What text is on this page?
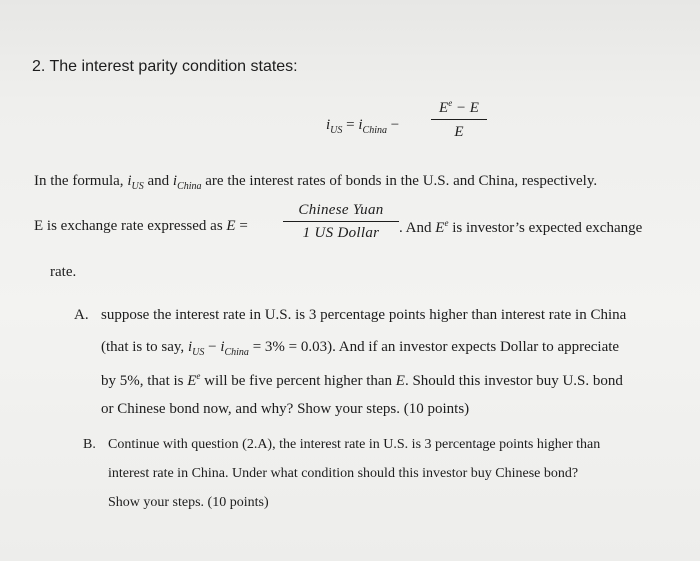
2. The interest parity condition states:
$i_{US} = i_{China}$ −
$E^e - E$
E
In the formula, $i_{US}$ and $i_{China}$ are the interest rates of bonds in the U.S. and China, respectively.
E is exchange rate expressed as E =
Chinese Yuan
1 US Dollar	. And $E^e$ is investor’s expected exchange
rate.
A. suppose the interest rate in U.S. is 3 percentage points higher than interest rate in China
(that is to say, $i_{US} - i_{China} = 3\% = 0.03$). And if an investor expects Dollar to appreciate
by 5%, that is $E^e$ will be five percent higher than E. Should this investor buy U.S. bond
or Chinese bond now, and why? Show your steps. (10 points)
B. Continue with question (2.A), the interest rate in U.S. is 3 percentage points higher than
interest rate in China. Under what condition should this investor buy Chinese bond?
Show your steps. (10 points)
